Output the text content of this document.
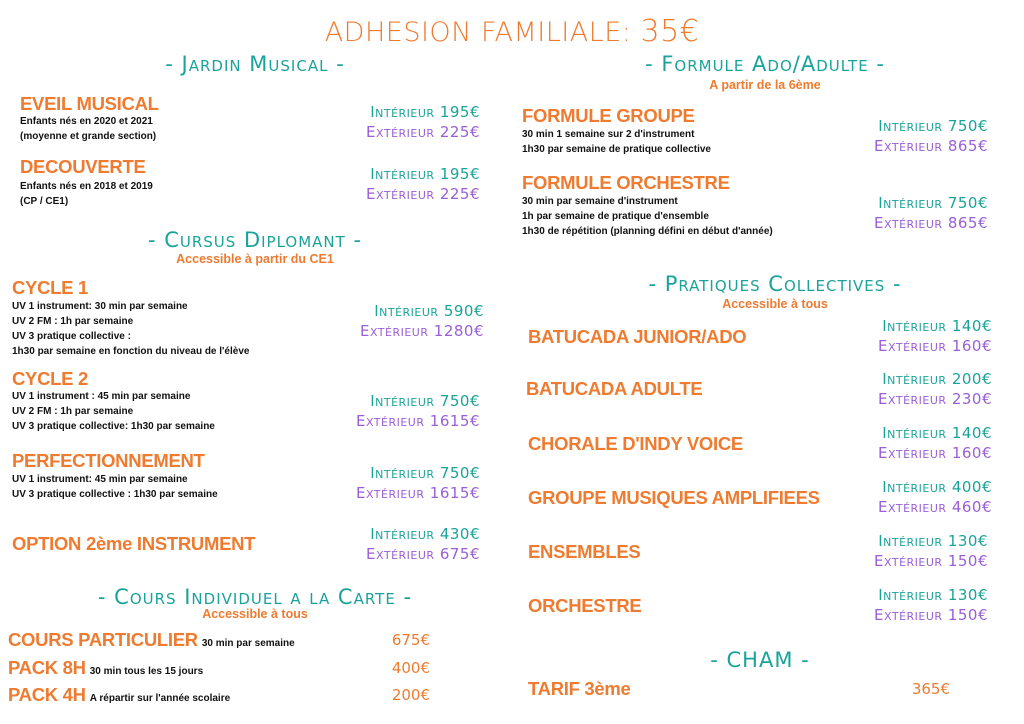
ADHESION FAMILIALE: 35€
- Jardin Musical -
EVEIL MUSICAL
Enfants nés en 2020 et 2021
(moyenne et grande section)
Intérieur 195€
Extérieur 225€
DECOUVERTE
Enfants nés en 2018 et 2019
(CP / CE1)
Intérieur 195€
Extérieur 225€
- Cursus Diplomant -
Accessible à partir du CE1
CYCLE 1
UV 1 instrument: 30 min par semaine
UV 2 FM : 1h par semaine
UV 3 pratique collective :
1h30 par semaine en fonction du niveau de l'élève
Intérieur 590€
Extérieur 1280€
CYCLE 2
UV 1 instrument : 45 min par semaine
UV 2 FM : 1h par semaine
UV 3 pratique collective: 1h30 par semaine
Intérieur 750€
Extérieur 1615€
PERFECTIONNEMENT
UV 1 instrument: 45 min par semaine
UV 3 pratique collective : 1h30 par semaine
Intérieur 750€
Extérieur 1615€
OPTION 2ème INSTRUMENT	Intérieur 430€
Extérieur 675€
- Cours Individuel a la Carte -
Accessible à tous
COURS PARTICULIER 30 min par semaine	675€
PACK 8H 30 min tous les 15 jours	400€
PACK 4H A répartir sur l'année scolaire	200€
- Formule Ado/Adulte -
A partir de la 6ème
FORMULE GROUPE
30 min 1 semaine sur 2 d'instrument
1h30 par semaine de pratique collective
Intérieur 750€
Extérieur 865€
FORMULE ORCHESTRE
30 min par semaine d'instrument
1h par semaine de pratique d'ensemble
1h30 de répétition (planning défini en début d'année)
Intérieur 750€
Extérieur 865€
- Pratiques Collectives -
Accessible à tous
BATUCADA JUNIOR/ADO	Intérieur 140€
Extérieur 160€
BATUCADA ADULTE	Intérieur 200€
Extérieur 230€
CHORALE D'INDY VOICE	Intérieur 140€
Extérieur 160€
GROUPE MUSIQUES AMPLIFIEES	Intérieur 400€
Extérieur 460€
ENSEMBLES	Intérieur 130€
Extérieur 150€
ORCHESTRE	Intérieur 130€
Extérieur 150€
- CHAM -
TARIF 3ème	365€
